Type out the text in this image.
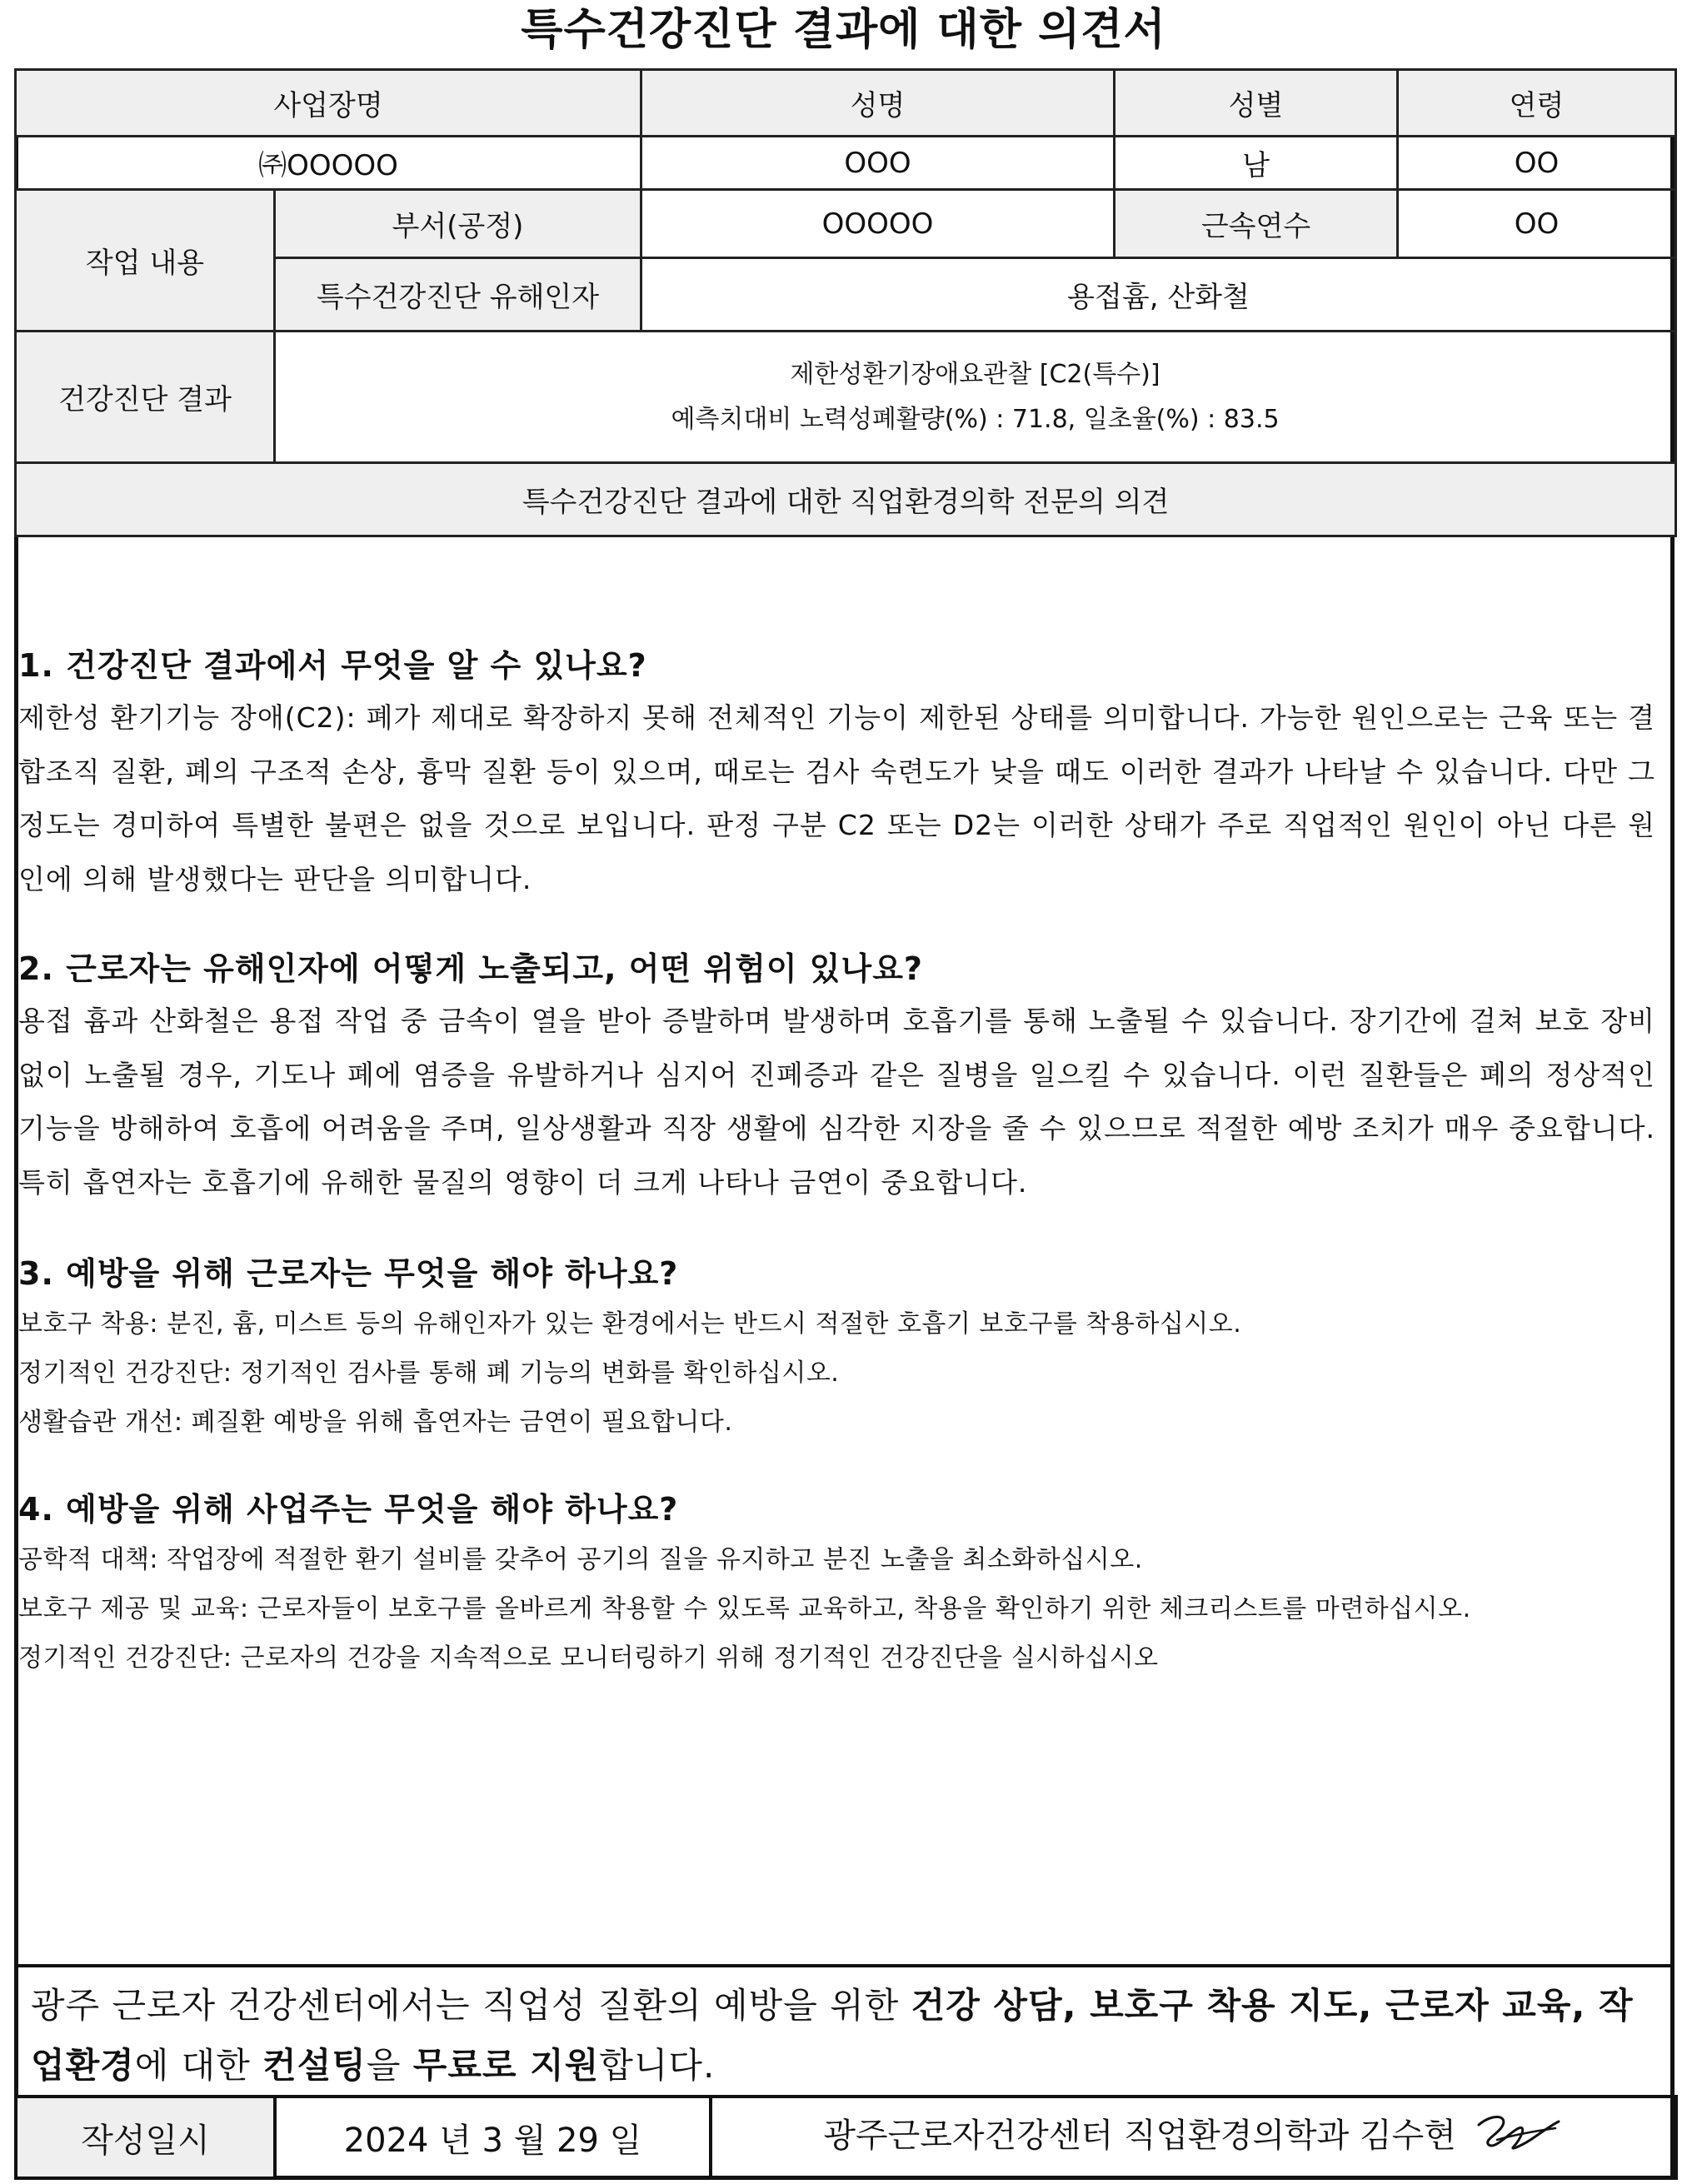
특수건강진단 결과에 대한 의견서
사업장명		성명	성별	연령
㈜OOOOO		OOO	남	OO
작업 내용	부서(공정)	OOOOO	근속연수	OO
	특수건강진단 유해인자	용접흄, 산화철		
건강진단 결과	제한성환기장애요관찰 [C2(특수)]
예측치대비 노력성폐활량(%) : 71.8, 일초율(%) : 83.5			

특수건강진단 결과에 대한 직업환경의학 전문의 의견				
1. 건강진단 결과에서 무엇을 알 수 있나요?

제한성 환기기능 장애(C2): 폐가 제대로 확장하지 못해 전체적인 기능이 제한된 상태를 의미합니다. 가능한 원인으로는 근육 또는 결합조직 질환, 폐의 구조적 손상, 흉막 질환 등이 있으며, 때로는 검사 숙련도가 낮을 때도 이러한 결과가 나타날 수 있습니다. 다만 그 정도는 경미하여 특별한 불편은 없을 것으로 보입니다. 판정 구분 C2 또는 D2는 이러한 상태가 주로 직업적인 원인이 아닌 다른 원인에 의해 발생했다는 판단을 의미합니다.

2. 근로자는 유해인자에 어떻게 노출되고, 어떤 위험이 있나요?

용접 흄과 산화철은 용접 작업 중 금속이 열을 받아 증발하며 발생하며 호흡기를 통해 노출될 수 있습니다. 장기간에 걸쳐 보호 장비 없이 노출될 경우, 기도나 폐에 염증을 유발하거나 심지어 진폐증과 같은 질병을 일으킬 수 있습니다. 이런 질환들은 폐의 정상적인 기능을 방해하여 호흡에 어려움을 주며, 일상생활과 직장 생활에 심각한 지장을 줄 수 있으므로 적절한 예방 조치가 매우 중요합니다. 특히 흡연자는 호흡기에 유해한 물질의 영향이 더 크게 나타나 금연이 중요합니다.

3. 예방을 위해 근로자는 무엇을 해야 하나요?

보호구 착용: 분진, 흄, 미스트 등의 유해인자가 있는 환경에서는 반드시 적절한 호흡기 보호구를 착용하십시오.

정기적인 건강진단: 정기적인 검사를 통해 폐 기능의 변화를 확인하십시오.

생활습관 개선: 폐질환 예방을 위해 흡연자는 금연이 필요합니다.

4. 예방을 위해 사업주는 무엇을 해야 하나요?

공학적 대책: 작업장에 적절한 환기 설비를 갖추어 공기의 질을 유지하고 분진 노출을 최소화하십시오.

보호구 제공 및 교육: 근로자들이 보호구를 올바르게 착용할 수 있도록 교육하고, 착용을 확인하기 위한 체크리스트를 마련하십시오.

정기적인 건강진단: 근로자의 건강을 지속적으로 모니터링하기 위해 정기적인 건강진단을 실시하십시오

광주 근로자 건강센터에서는 직업성 질환의 예방을 위한 건강 상담, 보호구 착용 지도, 근로자 교육, 작업환경에 대한 컨설팅을 무료로 지원합니다.
작성일시	2024 년 3 월 29 일	광주근로자건강센터 직업환경의학과 김수현
